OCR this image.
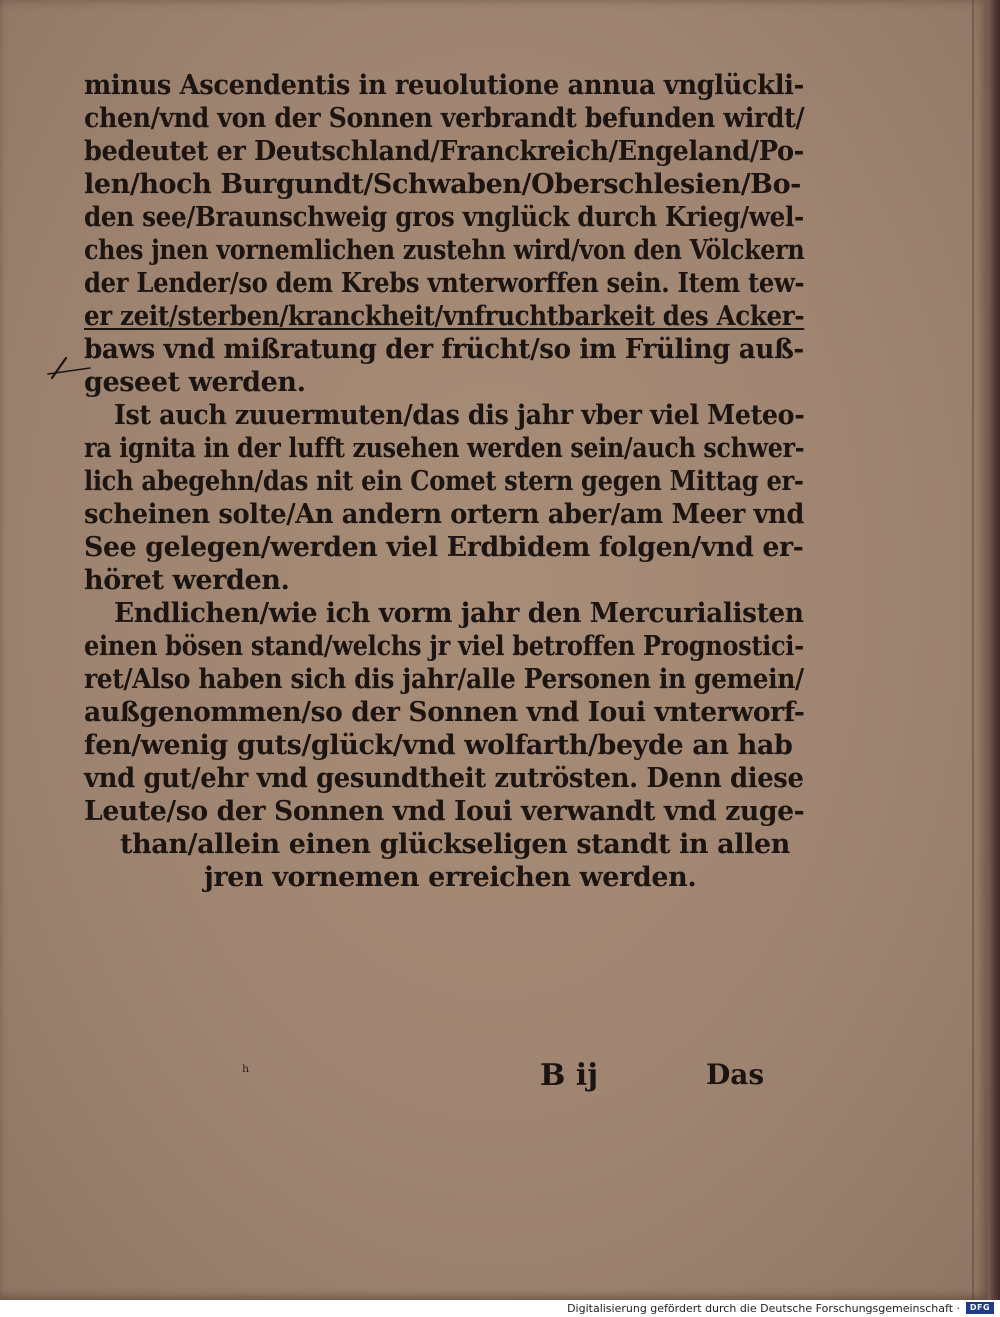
minus Ascendentis in reuolutione annua vnglückli-
chen/vnd von der Sonnen verbrandt befunden wirdt/
bedeutet er Deutschland/Franckreich/Engeland/Po-
len/hoch Burgundt/Schwaben/Oberschlesien/Bo-
den see/Braunschweig gros vnglück durch Krieg/wel-
ches jnen vornemlichen zustehn wird/von den Völckern
der Lender/so dem Krebs vnterworffen sein. Item tew-
er zeit/sterben/kranckheit/vnfruchtbarkeit des Acker-
baws vnd mißratung der frücht/so im Früling auß-
geseet werden.
Ist auch zuuermuten/das dis jahr vber viel Meteo-
ra ignita in der lufft zusehen werden sein/auch schwer-
lich abegehn/das nit ein Comet stern gegen Mittag er-
scheinen solte/An andern ortern aber/am Meer vnd
See gelegen/werden viel Erdbidem folgen/vnd er-
höret werden.
Endlichen/wie ich vorm jahr den Mercurialisten
einen bösen stand/welchs jr viel betroffen Prognostici-
ret/Also haben sich dis jahr/alle Personen in gemein/
außgenommen/so der Sonnen vnd Ioui vnterworf-
fen/wenig guts/glück/vnd wolfarth/beyde an hab
vnd gut/ehr vnd gesundtheit zutrösten. Denn diese
Leute/so der Sonnen vnd Ioui verwandt vnd zuge-
than/allein einen glückseligen standt in allen
jren vornemen erreichen werden.
ʰ	B ij	Das
Digitalisierung gefördert durch die Deutsche Forschungsgemeinschaft ·	DFG
